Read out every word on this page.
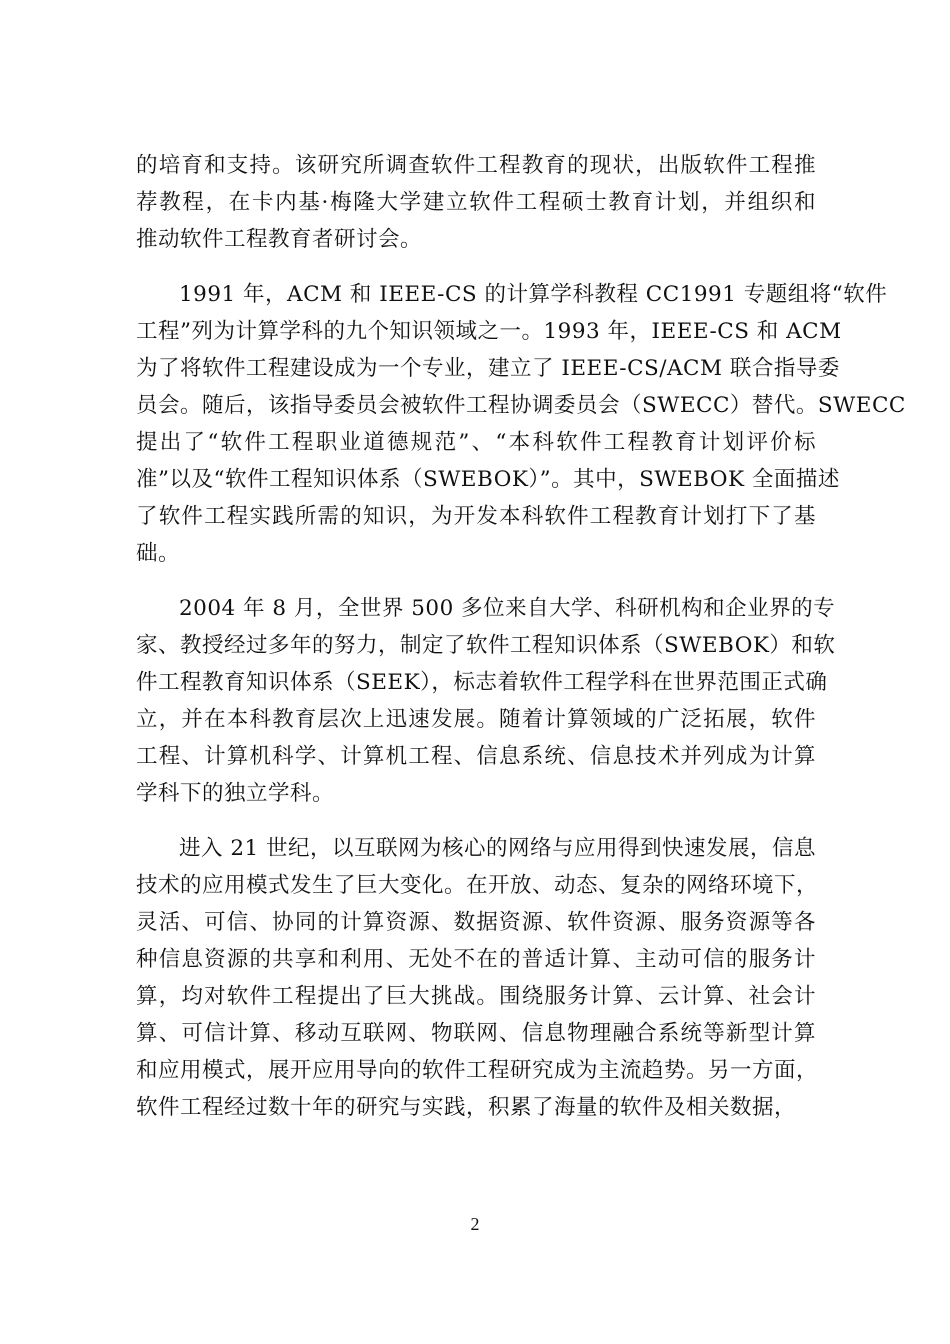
的培育和支持。该研究所调查软件工程教育的现状，出版软件工程推
荐教程，在卡内基·梅隆大学建立软件工程硕士教育计划，并组织和
推动软件工程教育者研讨会。
1991 年，ACM 和 IEEE-CS 的计算学科教程 CC1991 专题组将“软件
工程”列为计算学科的九个知识领域之一。1993 年，IEEE-CS 和 ACM
为了将软件工程建设成为一个专业，建立了 IEEE-CS/ACM 联合指导委
员会。随后，该指导委员会被软件工程协调委员会（SWECC）替代。SWECC
提出了“软件工程职业道德规范”、“本科软件工程教育计划评价标
准”以及“软件工程知识体系（SWEBOK）”。其中，SWEBOK 全面描述
了软件工程实践所需的知识，为开发本科软件工程教育计划打下了基
础。
2004 年 8 月，全世界 500 多位来自大学、科研机构和企业界的专
家、教授经过多年的努力，制定了软件工程知识体系（SWEBOK）和软
件工程教育知识体系（SEEK），标志着软件工程学科在世界范围正式确
立，并在本科教育层次上迅速发展。随着计算领域的广泛拓展，软件
工程、计算机科学、计算机工程、信息系统、信息技术并列成为计算
学科下的独立学科。
进入 21 世纪，以互联网为核心的网络与应用得到快速发展，信息
技术的应用模式发生了巨大变化。在开放、动态、复杂的网络环境下，
灵活、可信、协同的计算资源、数据资源、软件资源、服务资源等各
种信息资源的共享和利用、无处不在的普适计算、主动可信的服务计
算，均对软件工程提出了巨大挑战。围绕服务计算、云计算、社会计
算、可信计算、移动互联网、物联网、信息物理融合系统等新型计算
和应用模式，展开应用导向的软件工程研究成为主流趋势。另一方面，
软件工程经过数十年的研究与实践，积累了海量的软件及相关数据，
2
